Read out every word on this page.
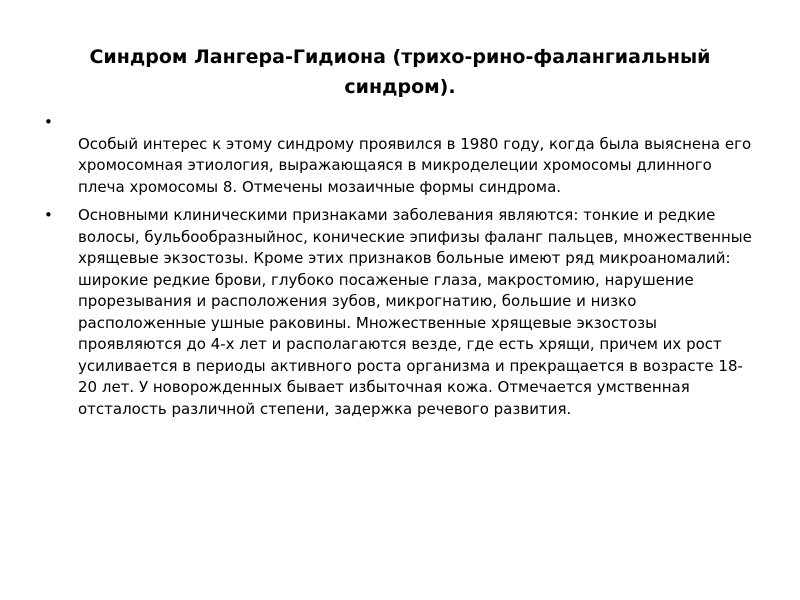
Синдром Лангера-Гидиона (трихо-рино-фалангиальный синдром).
•

Особый интерес к этому синдрому проявился в 1980 году, когда была выяснена его хромосомная этиология, выражающаяся в микроделеции хромосомы длинного плеча хромосомы 8. Отмечены мозаичные формы синдрома.
•	Основными клиническими признаками заболевания являются: тонкие и редкие волосы, бульбообразныйнос, конические эпифизы фаланг пальцев, множественные хрящевые экзостозы. Кроме этих признаков больные имеют ряд микроаномалий: широкие редкие брови, глубоко посаженые глаза, макростомию, нарушение прорезывания и расположения зубов, микрогнатию, большие и низко расположенные ушные раковины. Множественные хрящевые экзостозы проявляются до 4-х лет и располагаются везде, где есть хрящи, причем их рост усиливается в периоды активного роста организма и прекращается в возрасте 18-20 лет. У новорожденных бывает избыточная кожа. Отмечается умственная отсталость различной степени, задержка речевого развития.
